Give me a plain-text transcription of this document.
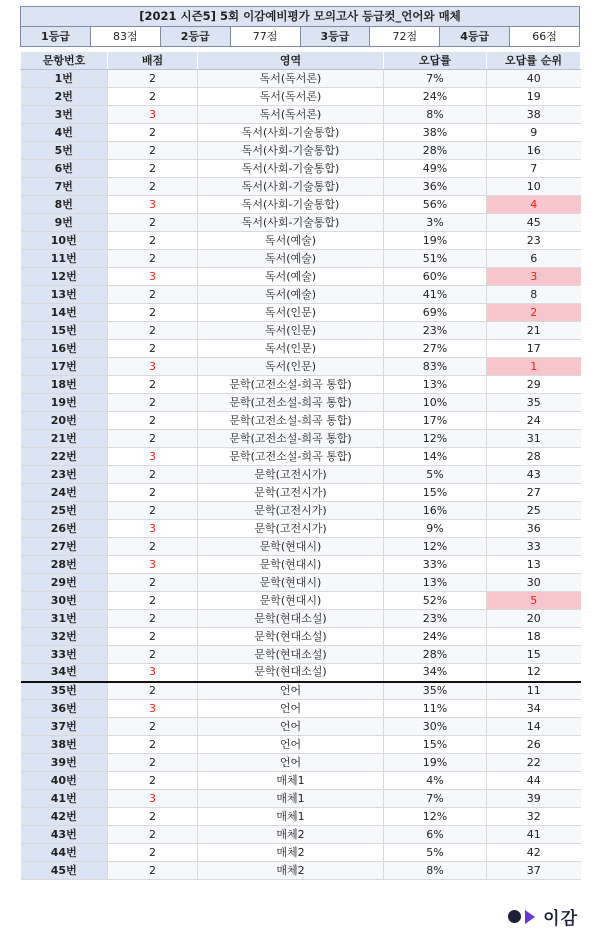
[2021 시즌5] 5회 이감예비평가 모의고사 등급컷_언어와 매체
1등급	83점	2등급	77점	3등급	72점	4등급	66점
문항번호	배점	영역	오답률	오답률 순위
1번	2	독서(독서론)	7%	40
2번	2	독서(독서론)	24%	19
3번	3	독서(독서론)	8%	38
4번	2	독서(사회-기술통합)	38%	9
5번	2	독서(사회-기술통합)	28%	16
6번	2	독서(사회-기술통합)	49%	7
7번	2	독서(사회-기술통합)	36%	10
8번	3	독서(사회-기술통합)	56%	4
9번	2	독서(사회-기술통합)	3%	45
10번	2	독서(예술)	19%	23
11번	2	독서(예술)	51%	6
12번	3	독서(예술)	60%	3
13번	2	독서(예술)	41%	8
14번	2	독서(인문)	69%	2
15번	2	독서(인문)	23%	21
16번	2	독서(인문)	27%	17
17번	3	독서(인문)	83%	1
18번	2	문학(고전소설-희곡 통합)	13%	29
19번	2	문학(고전소설-희곡 통합)	10%	35
20번	2	문학(고전소설-희곡 통합)	17%	24
21번	2	문학(고전소설-희곡 통합)	12%	31
22번	3	문학(고전소설-희곡 통합)	14%	28
23번	2	문학(고전시가)	5%	43
24번	2	문학(고전시가)	15%	27
25번	2	문학(고전시가)	16%	25
26번	3	문학(고전시가)	9%	36
27번	2	문학(현대시)	12%	33
28번	3	문학(현대시)	33%	13
29번	2	문학(현대시)	13%	30
30번	2	문학(현대시)	52%	5
31번	2	문학(현대소설)	23%	20
32번	2	문학(현대소설)	24%	18
33번	2	문학(현대소설)	28%	15
34번	3	문학(현대소설)	34%	12
35번	2	언어	35%	11
36번	3	언어	11%	34
37번	2	언어	30%	14
38번	2	언어	15%	26
39번	2	언어	19%	22
40번	2	매체1	4%	44
41번	3	매체1	7%	39
42번	2	매체1	12%	32
43번	2	매체2	6%	41
44번	2	매체2	5%	42
45번	2	매체2	8%	37
이감
